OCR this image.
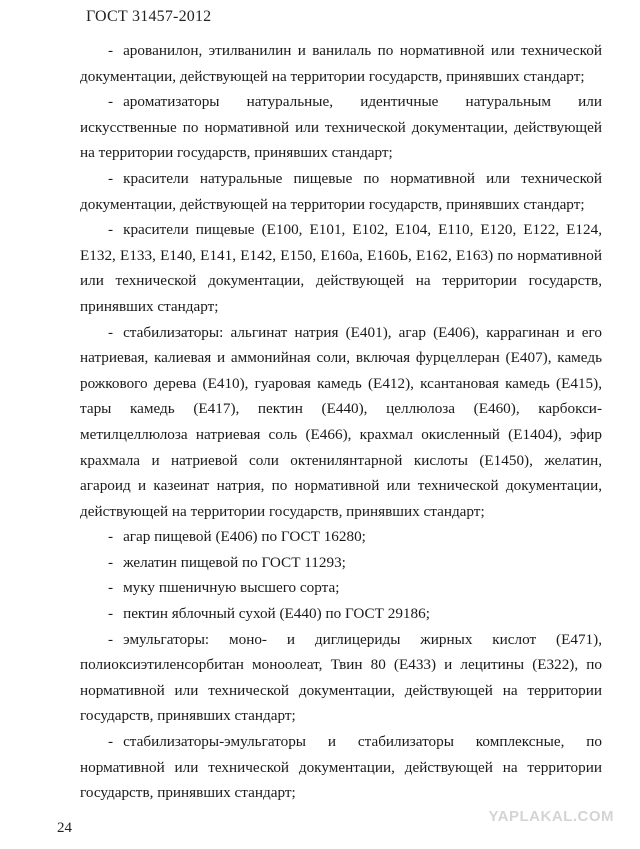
ГОСТ 31457-2012

- аровaнилон, этилванилин и ванилаль по нормативной или технической документации, действующей на территории государств, принявших стандарт;

- ароматизаторы натуральные, идентичные натуральным или искусственные по нормативной или технической документации, действующей на территории государств, принявших стандарт;

- красители натуральные пищевые по нормативной или технической документации, действующей на территории государств, принявших стандарт;

- красители пищевые (Е100, Е101, Е102, Е104, Е110, Е120, Е122, Е124, Е132, Е133, Е140, Е141, Е142, Е150, Е160а, Е160Ь, Е162, Е163) по нормативной или технической документации, действующей на территории государств, принявших стандарт;

- стабилизаторы: альгинат натрия (Е401), агар (Е406), каррагинан и его натриевая, калиевая и аммонийная соли, включая фурцеллеран (Е407), камедь рожкового дерева (Е410), гуаровая камедь (Е412), ксантановая камедь (Е415), тары камедь (Е417), пектин (Е440), целлюлоза (Е460), карбокси-метилцеллюлоза натриевая соль (Е466), крахмал окисленный (Е1404), эфир крахмала и натриевой соли октенилянтарной кислоты (Е1450), желатин, агароид и казеинат натрия, по нормативной или технической документации, действующей на территории государств, принявших стандарт;

- агар пищевой (Е406) по ГОСТ 16280;

- желатин пищевой по ГОСТ 11293;

- муку пшеничную высшего сорта;

- пектин яблочный сухой (Е440) по ГОСТ 29186;

- эмульгаторы: моно- и диглицериды жирных кислот (Е471), полиоксиэтиленсорбитан моноолеат, Твин 80 (Е433) и лецитины (Е322), по нормативной или технической документации, действующей на территории государств, принявших стандарт;

- стабилизаторы-эмульгаторы и стабилизаторы комплексные, по нормативной или технической документации, действующей на территории государств, принявших стандарт;

24
YAPLAKAL.COM
